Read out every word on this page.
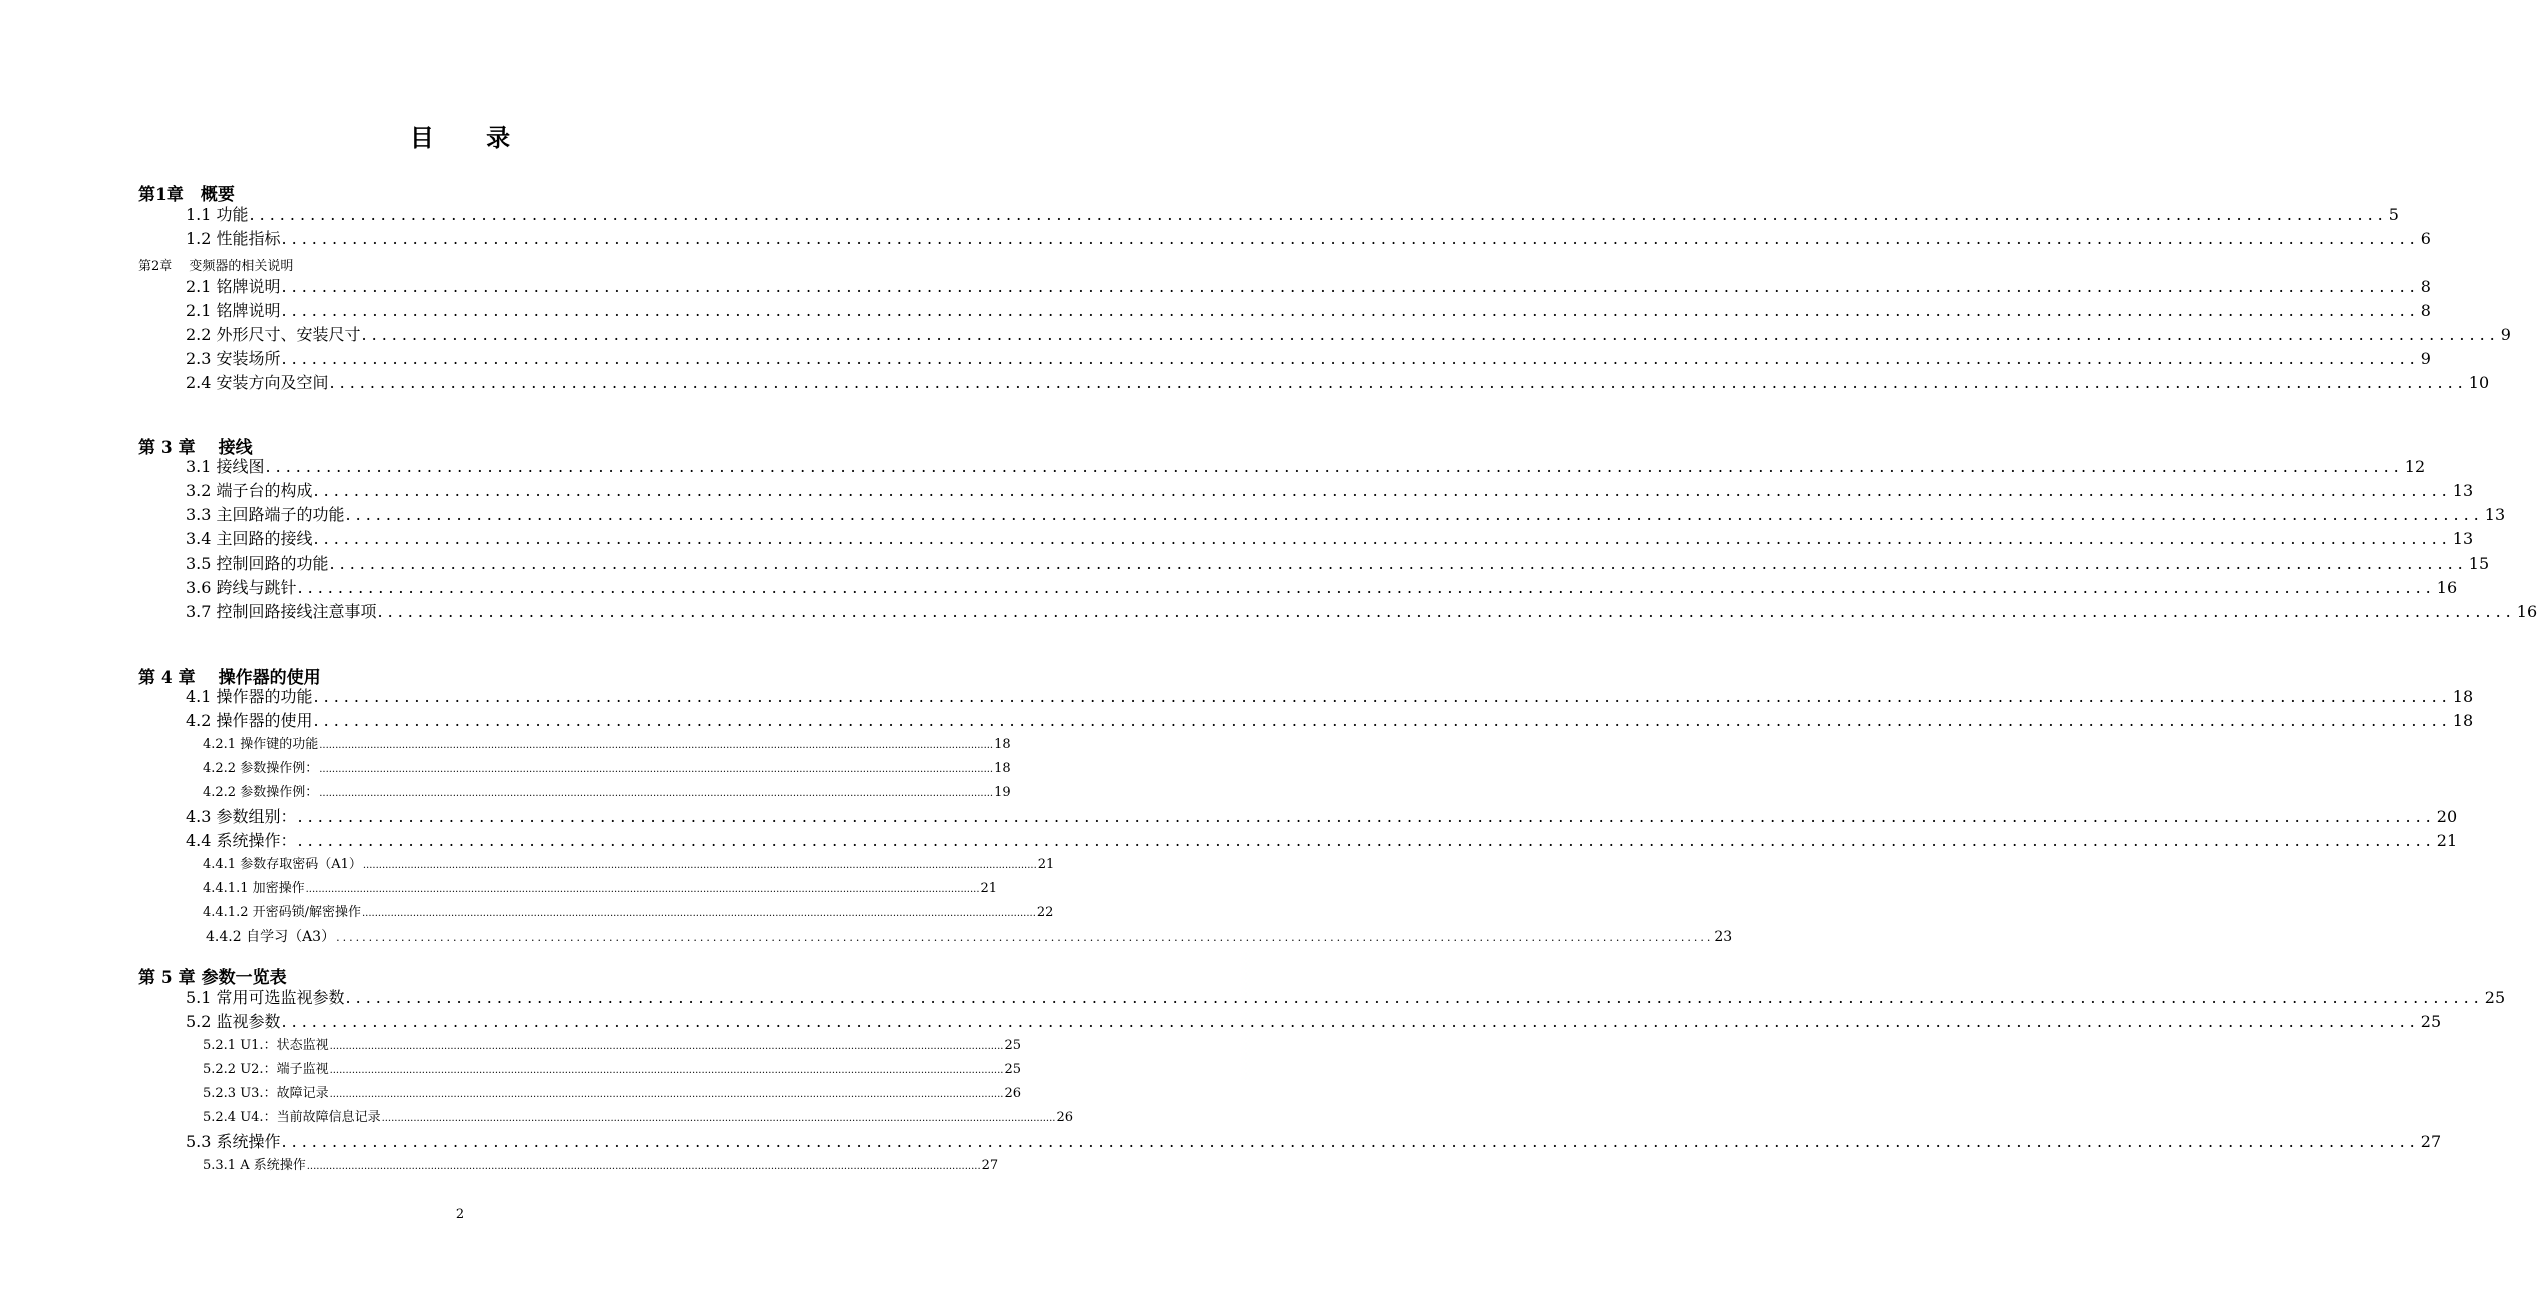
目 录
第1章　概要
1.1 功能 .................................................................................................................................................................................................................... 5
1.2 性能指标 .................................................................................................................................................................................................................... 6
第2章　 变频器的相关说明
2.1 铭牌说明 .................................................................................................................................................................................................................... 8
2.1 铭牌说明 .................................................................................................................................................................................................................... 8
2.2 外形尺寸、安装尺寸 .................................................................................................................................................................................................................... 9
2.3 安装场所 .................................................................................................................................................................................................................... 9
2.4 安装方向及空间 .................................................................................................................................................................................................................... 10
第 3 章　 接线
3.1 接线图 .................................................................................................................................................................................................................... 12
3.2 端子台的构成 .................................................................................................................................................................................................................... 13
3.3 主回路端子的功能 .................................................................................................................................................................................................................... 13
3.4 主回路的接线 .................................................................................................................................................................................................................... 13
3.5 控制回路的功能 .................................................................................................................................................................................................................... 15
3.6 跨线与跳针 .................................................................................................................................................................................................................... 16
3.7 控制回路接线注意事项 .................................................................................................................................................................................................................... 16
第 4 章　 操作器的使用
4.1 操作器的功能 .................................................................................................................................................................................................................... 18
4.2 操作器的使用 .................................................................................................................................................................................................................... 18
4.2.1 操作键的功能 .................................................................................................................................................................................................................... 18
4.2.2 参数操作例： .................................................................................................................................................................................................................... 18
4.2.2 参数操作例： .................................................................................................................................................................................................................... 19
4.3 参数组别： .................................................................................................................................................................................................................... 20
4.4 系统操作： .................................................................................................................................................................................................................... 21
4.4.1 参数存取密码（A1） .................................................................................................................................................................................................................... 21
4.4.1.1 加密操作 .................................................................................................................................................................................................................... 21
4.4.1.2 开密码锁/解密操作 .................................................................................................................................................................................................................... 22
4.4.2 自学习（A3） .................................................................................................................................................................................................................... 23
第 5 章 参数一览表
5.1 常用可选监视参数 .................................................................................................................................................................................................................... 25
5.2 监视参数 .................................................................................................................................................................................................................... 25
5.2.1 U1.：状态监视 .................................................................................................................................................................................................................... 25
5.2.2 U2.：端子监视 .................................................................................................................................................................................................................... 25
5.2.3 U3.：故障记录 .................................................................................................................................................................................................................... 26
5.2.4 U4.：当前故障信息记录 .................................................................................................................................................................................................................... 26
5.3 系统操作 .................................................................................................................................................................................................................... 27
5.3.1 A 系统操作 .................................................................................................................................................................................................................... 27
2
